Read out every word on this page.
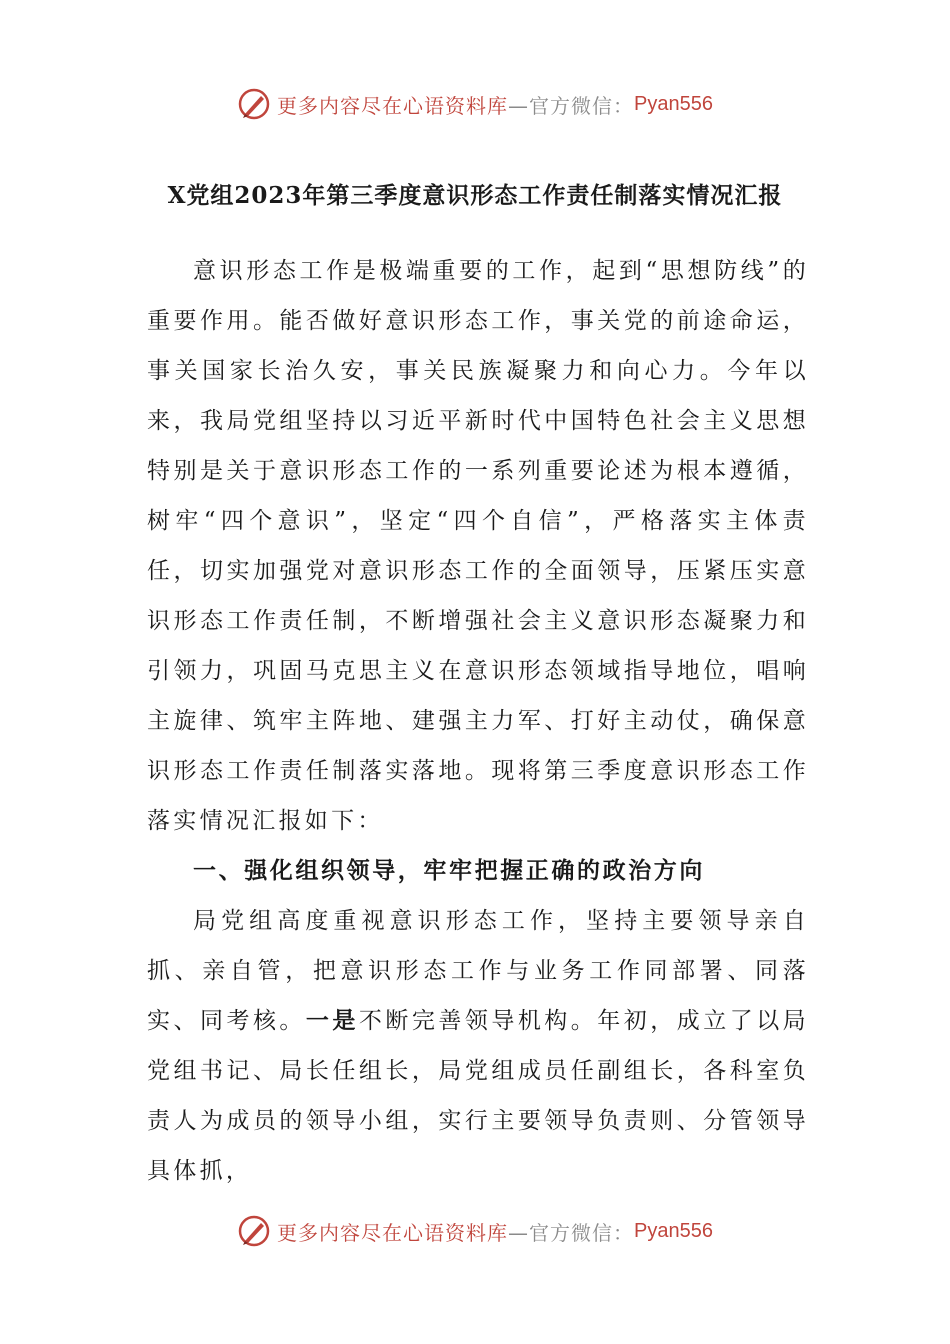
更多内容尽在心语资料库 —官方微信： Pyan556
X党组2023年第三季度意识形态工作责任制落实情况汇报

意识形态工作是极端重要的工作，起到“思想防线”的重要作用。能否做好意识形态工作，事关党的前途命运，事关国家长治久安，事关民族凝聚力和向心力。今年以来，我局党组坚持以习近平新时代中国特色社会主义思想特别是关于意识形态工作的一系列重要论述为根本遵循，树牢“四个意识”，坚定“四个自信”，严格落实主体责任，切实加强党对意识形态工作的全面领导，压紧压实意识形态工作责任制，不断增强社会主义意识形态凝聚力和引领力，巩固马克思主义在意识形态领域指导地位，唱响主旋律、筑牢主阵地、建强主力军、打好主动仗，确保意识形态工作责任制落实落地。现将第三季度意识形态工作落实情况汇报如下：

一、强化组织领导，牢牢把握正确的政治方向

局党组高度重视意识形态工作，坚持主要领导亲自抓、亲自管，把意识形态工作与业务工作同部署、同落实、同考核。一是不断完善领导机构。年初，成立了以局党组书记、局长任组长，局党组成员任副组长，各科室负责人为成员的领导小组，实行主要领导负责则、分管领导具体抓，

更多内容尽在心语资料库 —官方微信： Pyan556
